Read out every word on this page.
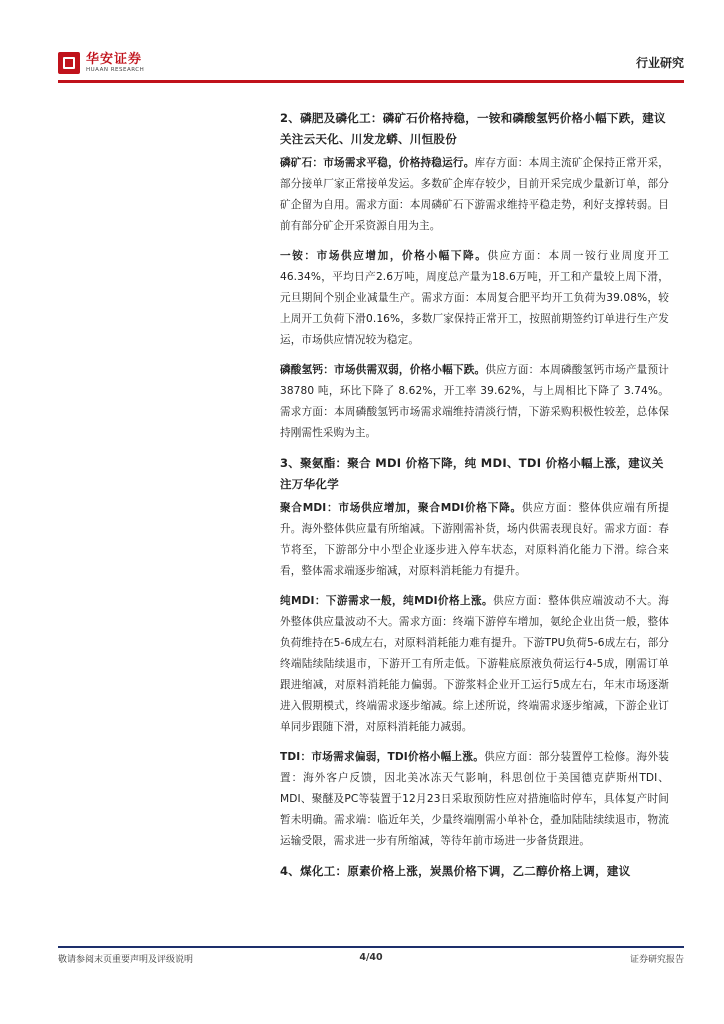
华安证券
HUAAN RESEARCH	行业研究
2、磷肥及磷化工：磷矿石价格持稳，一铵和磷酸氢钙价格小幅下跌，建议关注云天化、川发龙蟒、川恒股份

磷矿石：市场需求平稳，价格持稳运行。库存方面：本周主流矿企保持正常开采，部分接单厂家正常接单发运。多数矿企库存较少，目前开采完成少量新订单，部分矿企留为自用。需求方面：本周磷矿石下游需求维持平稳走势，利好支撑转弱。目前有部分矿企开采资源自用为主。

一铵：市场供应增加，价格小幅下降。供应方面：本周一铵行业周度开工46.34%，平均日产2.6万吨，周度总产量为18.6万吨，开工和产量较上周下滑，元旦期间个别企业减量生产。需求方面：本周复合肥平均开工负荷为39.08%，较上周开工负荷下滑0.16%，多数厂家保持正常开工，按照前期签约订单进行生产发运，市场供应情况较为稳定。

磷酸氢钙：市场供需双弱，价格小幅下跌。供应方面：本周磷酸氢钙市场产量预计 38780 吨，环比下降了 8.62%，开工率 39.62%，与上周相比下降了 3.74%。需求方面：本周磷酸氢钙市场需求端维持清淡行情，下游采购积极性较差，总体保持刚需性采购为主。

3、聚氨酯：聚合 MDI 价格下降，纯 MDI、TDI 价格小幅上涨，建议关注万华化学

聚合MDI：市场供应增加，聚合MDI价格下降。供应方面：整体供应端有所提升。海外整体供应量有所缩减。下游刚需补货，场内供需表现良好。需求方面：春节将至，下游部分中小型企业逐步进入停车状态，对原料消化能力下滑。综合来看，整体需求端逐步缩减，对原料消耗能力有提升。

纯MDI：下游需求一般，纯MDI价格上涨。供应方面：整体供应端波动不大。海外整体供应量波动不大。需求方面：终端下游停车增加，氨纶企业出货一般，整体负荷维持在5-6成左右，对原料消耗能力难有提升。下游TPU负荷5-6成左右，部分终端陆续陆续退市，下游开工有所走低。下游鞋底原液负荷运行4-5成，刚需订单跟进缩减，对原料消耗能力偏弱。下游浆料企业开工运行5成左右，年末市场逐渐进入假期模式，终端需求逐步缩减。综上述所说，终端需求逐步缩减，下游企业订单同步跟随下滑，对原料消耗能力减弱。

TDI：市场需求偏弱，TDI价格小幅上涨。供应方面：部分装置停工检修。海外装置：海外客户反馈，因北美冰冻天气影响，科思创位于美国德克萨斯州TDI、MDI、聚醚及PC等装置于12月23日采取预防性应对措施临时停车，具体复产时间暂未明确。需求端：临近年关，少量终端刚需小单补仓，叠加陆陆续续退市，物流运输受限，需求进一步有所缩减，等待年前市场进一步备货跟进。

4、煤化工：原素价格上涨，炭黑价格下调，乙二醇价格上调，建议
敬请参阅末页重要声明及评级说明	4/40	证券研究报告
